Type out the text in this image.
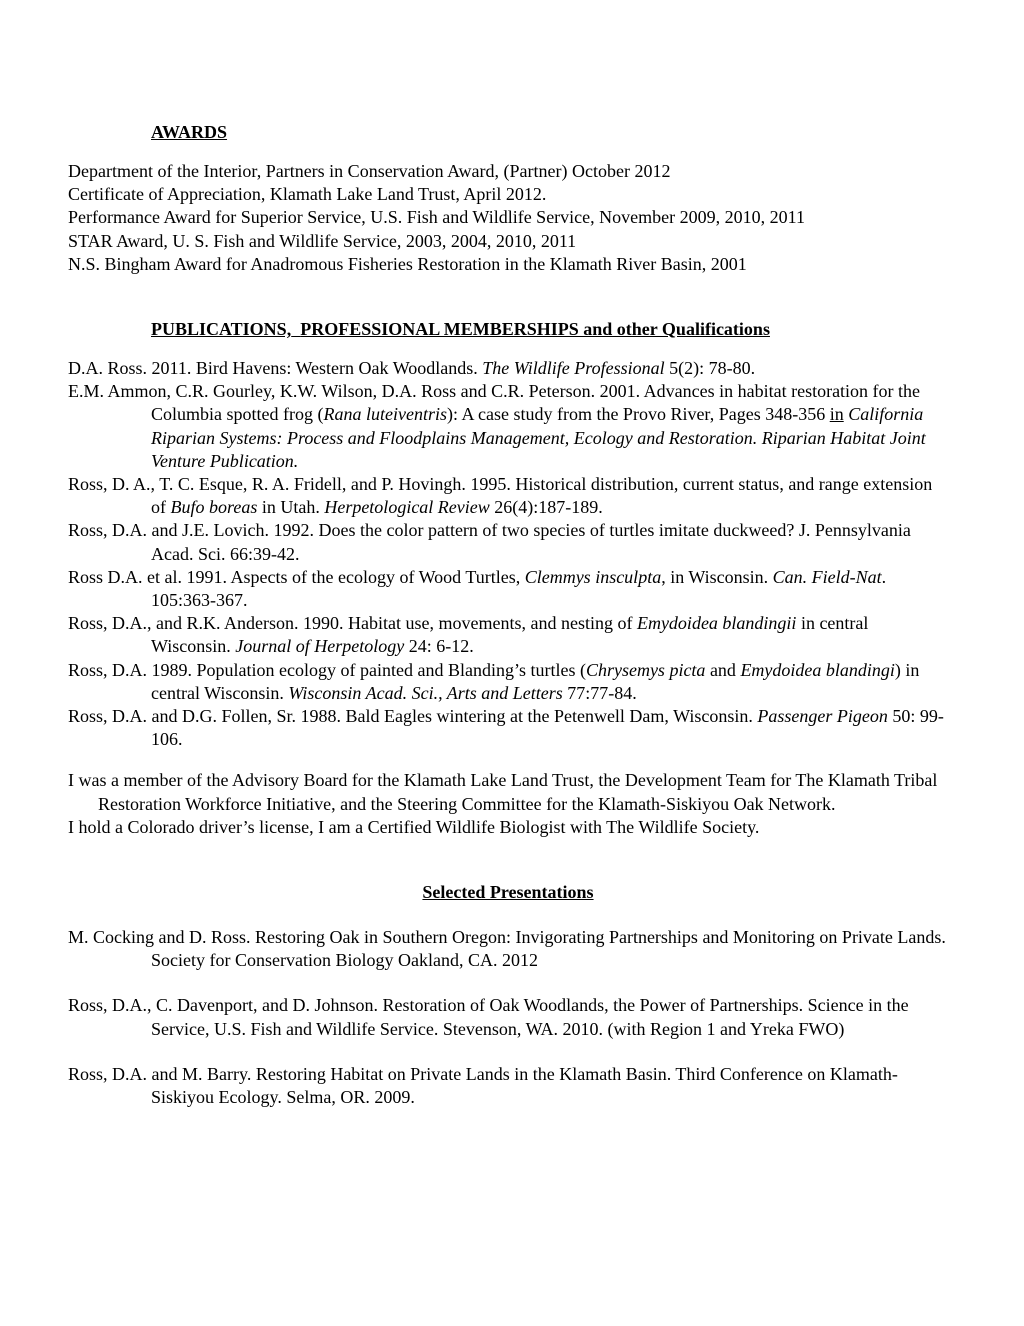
AWARDS

Department of the Interior, Partners in Conservation Award, (Partner) October 2012

Certificate of Appreciation, Klamath Lake Land Trust, April 2012.

Performance Award for Superior Service, U.S. Fish and Wildlife Service, November 2009, 2010, 2011

STAR Award, U. S. Fish and Wildlife Service, 2003, 2004, 2010, 2011

N.S. Bingham Award for Anadromous Fisheries Restoration in the Klamath River Basin, 2001

PUBLICATIONS, PROFESSIONAL MEMBERSHIPS and other Qualifications

D.A. Ross. 2011. Bird Havens: Western Oak Woodlands. The Wildlife Professional 5(2): 78-80.

E.M. Ammon, C.R. Gourley, K.W. Wilson, D.A. Ross and C.R. Peterson. 2001. Advances in habitat restoration for the Columbia spotted frog (Rana luteiventris): A case study from the Provo River, Pages 348-356 in California Riparian Systems: Process and Floodplains Management, Ecology and Restoration. Riparian Habitat Joint Venture Publication.

Ross, D. A., T. C. Esque, R. A. Fridell, and P. Hovingh. 1995. Historical distribution, current status, and range extension of Bufo boreas in Utah. Herpetological Review 26(4):187-189.

Ross, D.A. and J.E. Lovich. 1992. Does the color pattern of two species of turtles imitate duckweed? J. Pennsylvania Acad. Sci. 66:39-42.

Ross D.A. et al. 1991. Aspects of the ecology of Wood Turtles, Clemmys insculpta, in Wisconsin. Can. Field-Nat. 105:363-367.

Ross, D.A., and R.K. Anderson. 1990. Habitat use, movements, and nesting of Emydoidea blandingii in central Wisconsin. Journal of Herpetology 24: 6-12.

Ross, D.A. 1989. Population ecology of painted and Blanding’s turtles (Chrysemys picta and Emydoidea blandingi) in central Wisconsin. Wisconsin Acad. Sci., Arts and Letters 77:77-84.

Ross, D.A. and D.G. Follen, Sr. 1988. Bald Eagles wintering at the Petenwell Dam, Wisconsin. Passenger Pigeon 50: 99-106.

I was a member of the Advisory Board for the Klamath Lake Land Trust, the Development Team for The Klamath Tribal Restoration Workforce Initiative, and the Steering Committee for the Klamath-Siskiyou Oak Network.

I hold a Colorado driver’s license, I am a Certified Wildlife Biologist with The Wildlife Society.

Selected Presentations

M. Cocking and D. Ross. Restoring Oak in Southern Oregon: Invigorating Partnerships and Monitoring on Private Lands. Society for Conservation Biology Oakland, CA. 2012

Ross, D.A., C. Davenport, and D. Johnson. Restoration of Oak Woodlands, the Power of Partnerships. Science in the Service, U.S. Fish and Wildlife Service. Stevenson, WA. 2010. (with Region 1 and Yreka FWO)

Ross, D.A. and M. Barry. Restoring Habitat on Private Lands in the Klamath Basin. Third Conference on Klamath-Siskiyou Ecology. Selma, OR. 2009.
